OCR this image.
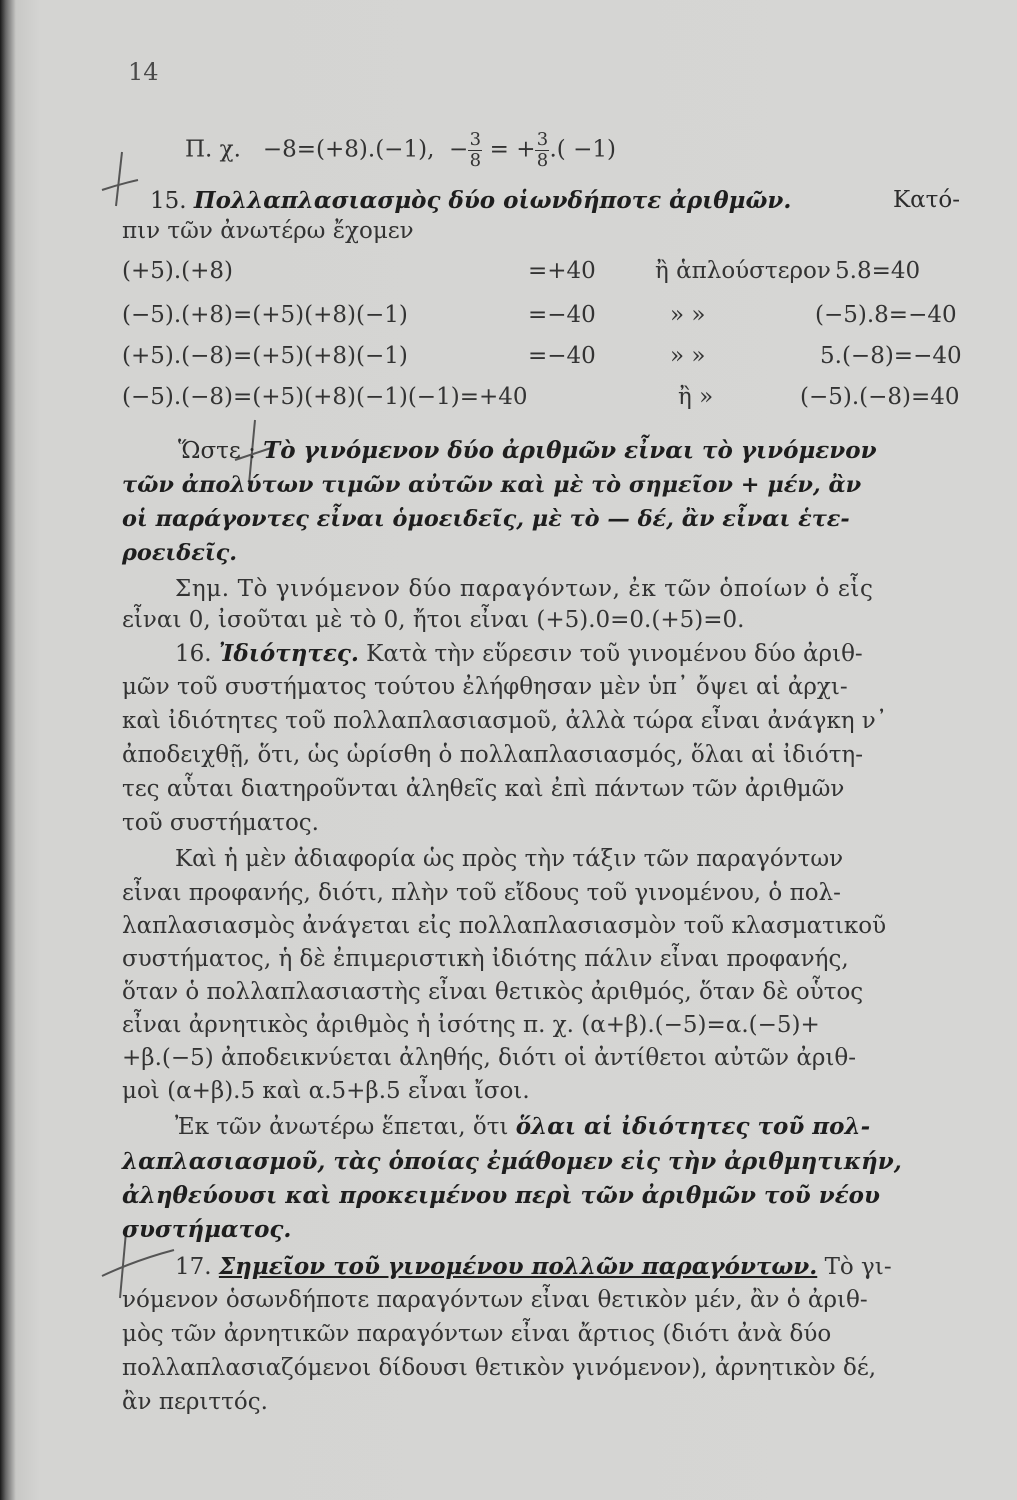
14
Π. χ. −8=(+8).(−1), − $\frac{3}{8}$ = + $\frac{3}{8}$ .( −1)
15. Πολλαπλασιασμὸς δύο οἱωνδήποτε ἀριθμῶν.	Κατό-
πιν τῶν ἀνωτέρω ἔχομεν
(+5).(+8)	=+40	ἢ ἁπλούστερον 5.8=40
(−5).(+8)=(+5)(+8)(−1)	=−40	» »	(−5).8=−40
(+5).(−8)=(+5)(+8)(−1)	=−40	» »	5.(−8)=−40
(−5).(−8)=(+5)(+8)(−1)(−1)=+40	ἢ »	(−5).(−8)=40
Ὥστε : Τὸ γινόμενον δύο ἀριθμῶν εἶναι τὸ γινόμενον
τῶν ἀπολύτων τιμῶν αὐτῶν καὶ μὲ τὸ σημεῖον + μέν, ἂν
οἱ παράγοντες εἶναι ὁμοειδεῖς, μὲ τὸ — δέ, ἂν εἶναι ἑτε-
ροειδεῖς.
Σημ. Τὸ γινόμενον δύο παραγόντων, ἐκ τῶν ὁποίων ὁ εἷς
εἶναι 0, ἰσοῦται μὲ τὸ 0, ἤτοι εἶναι (+5).0=0.(+5)=0.
16. Ἰδιότητες. Κατὰ τὴν εὕρεσιν τοῦ γινομένου δύο ἀριθ-
μῶν τοῦ συστήματος τούτου ἐλήφθησαν μὲν ὑπ᾿ ὄψει αἱ ἀρχι-
καὶ ἰδιότητες τοῦ πολλαπλασιασμοῦ, ἀλλὰ τώρα εἶναι ἀνάγκη ν᾿
ἀποδειχθῇ, ὅτι, ὡς ὡρίσθη ὁ πολλαπλασιασμός, ὅλαι αἱ ἰδιότη-
τες αὗται διατηροῦνται ἀληθεῖς καὶ ἐπὶ πάντων τῶν ἀριθμῶν
τοῦ συστήματος.
Καὶ ἡ μὲν ἀδιαφορία ὡς πρὸς τὴν τάξιν τῶν παραγόντων
εἶναι προφανής, διότι, πλὴν τοῦ εἴδους τοῦ γινομένου, ὁ πολ-
λαπλασιασμὸς ἀνάγεται εἰς πολλαπλασιασμὸν τοῦ κλασματικοῦ
συστήματος, ἡ δὲ ἐπιμεριστικὴ ἰδιότης πάλιν εἶναι προφανής,
ὅταν ὁ πολλαπλασιαστὴς εἶναι θετικὸς ἀριθμός, ὅταν δὲ οὗτος
εἶναι ἀρνητικὸς ἀριθμὸς ἡ ἰσότης π. χ. (α+β).(−5)=α.(−5)+
+β.(−5) ἀποδεικνύεται ἀληθής, διότι οἱ ἀντίθετοι αὐτῶν ἀριθ-
μοὶ (α+β).5 καὶ α.5+β.5 εἶναι ἴσοι.
Ἐκ τῶν ἀνωτέρω ἕπεται, ὅτι ὅλαι αἱ ἰδιότητες τοῦ πολ-
λαπλασιασμοῦ, τὰς ὁποίας ἐμάθομεν εἰς τὴν ἀριθμητικήν,
ἀληθεύουσι καὶ προκειμένου περὶ τῶν ἀριθμῶν τοῦ νέου
συστήματος.
17. Σημεῖον τοῦ γινομένου πολλῶν παραγόντων. Τὸ γι-
νόμενον ὁσωνδήποτε παραγόντων εἶναι θετικὸν μέν, ἂν ὁ ἀριθ-
μὸς τῶν ἀρνητικῶν παραγόντων εἶναι ἄρτιος (διότι ἀνὰ δύο
πολλαπλασιαζόμενοι δίδουσι θετικὸν γινόμενον), ἀρνητικὸν δέ,
ἂν περιττός.
